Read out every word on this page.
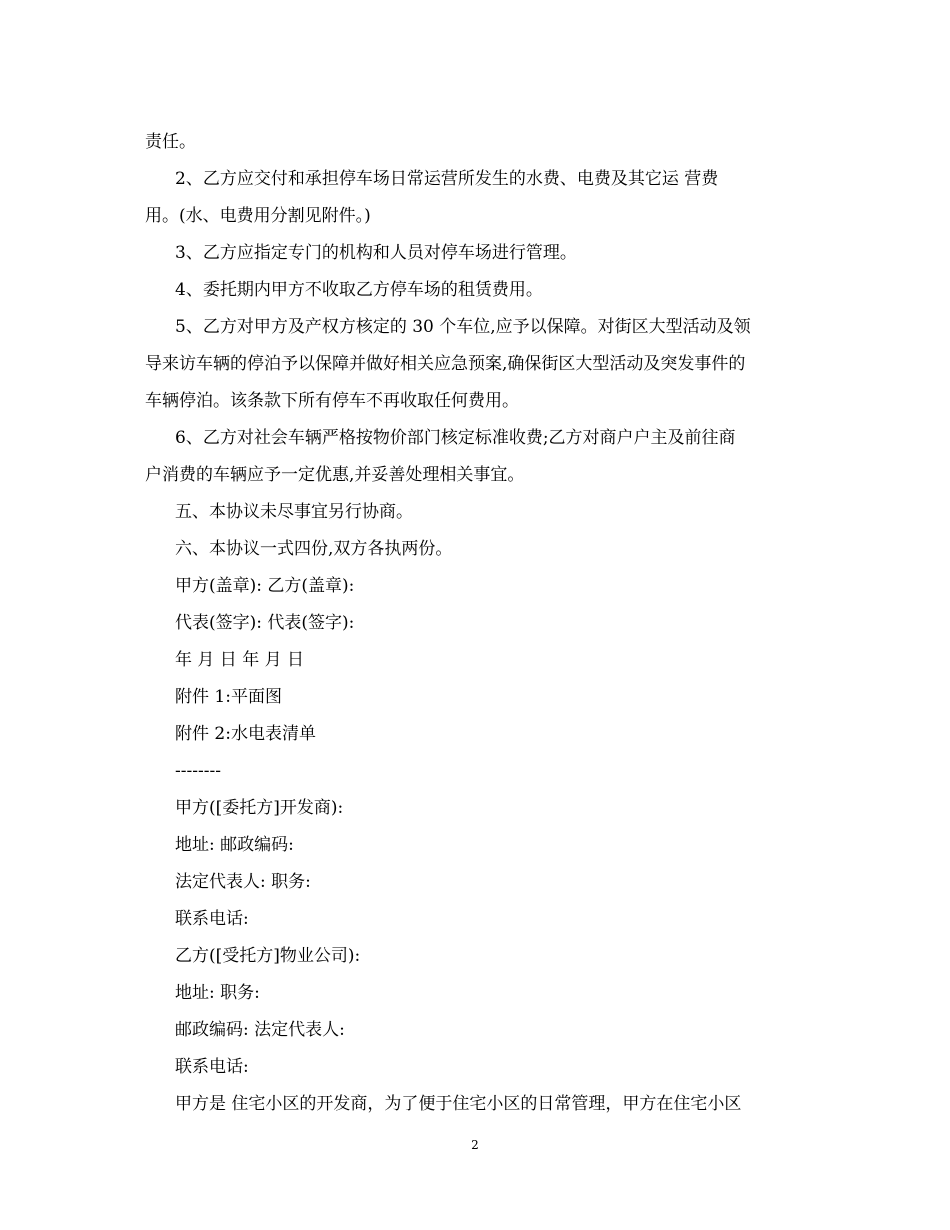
责任。
2、乙方应交付和承担停车场日常运营所发生的水费、电费及其它运 营费
用。(水、电费用分割见附件。)
3、乙方应指定专门的机构和人员对停车场进行管理。
4、委托期内甲方不收取乙方停车场的租赁费用。
5、乙方对甲方及产权方核定的 30 个车位,应予以保障。对街区大型活动及领
导来访车辆的停泊予以保障并做好相关应急预案,确保街区大型活动及突发事件的
车辆停泊。该条款下所有停车不再收取任何费用。
6、乙方对社会车辆严格按物价部门核定标准收费;乙方对商户户主及前往商
户消费的车辆应予一定优惠,并妥善处理相关事宜。
五、本协议未尽事宜另行协商。
六、本协议一式四份,双方各执两份。
甲方(盖章): 乙方(盖章):
代表(签字): 代表(签字):
年 月 日 年 月 日
附件 1:平面图
附件 2:水电表清单
--------
甲方([委托方]开发商):
地址: 邮政编码:
法定代表人: 职务:
联系电话:
乙方([受托方]物业公司):
地址: 职务:
邮政编码: 法定代表人:
联系电话:
甲方是 住宅小区的开发商，为了便于住宅小区的日常管理，甲方在住宅小区
2
